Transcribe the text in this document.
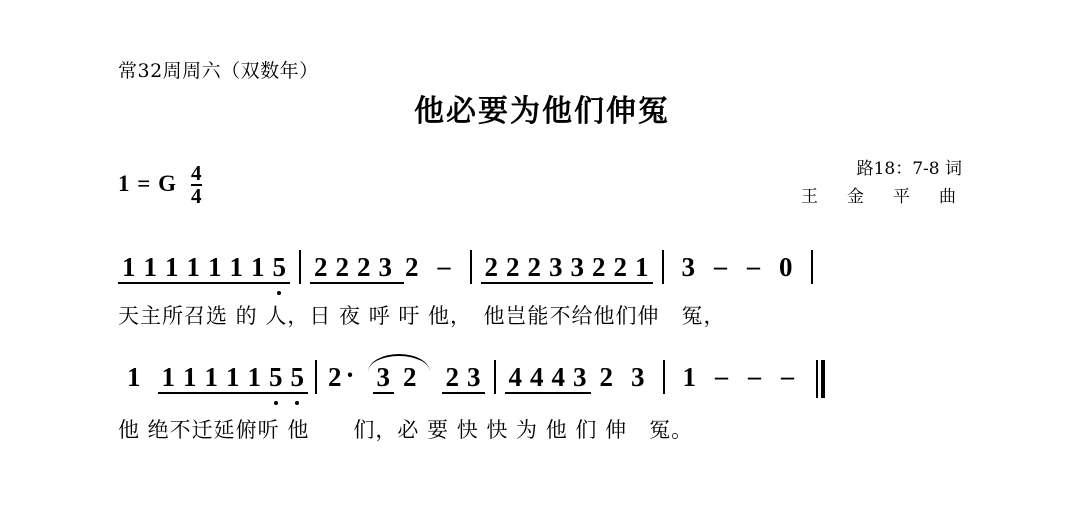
常32周周六（双数年）
他必要为他们伸冤
1 = G $\frac{4}{4}$	路18：7-8 词
王　金　平　曲
1 1 1 1 1 1 1 5 2 2 2 3 2 –	2 2 2 3 3 2 2 1	3 – – 0
天主所召选 的 人，日 夜 呼 吁 他，　他岂能不给他们伸　冤，
1 1 1 1 1 1 5 5 2 · 3 2	2 3 4 4 4 3 2 3	1 – – –
他 绝不迁延俯听 他　　们，必 要 快 快 为 他 们 伸　冤。
